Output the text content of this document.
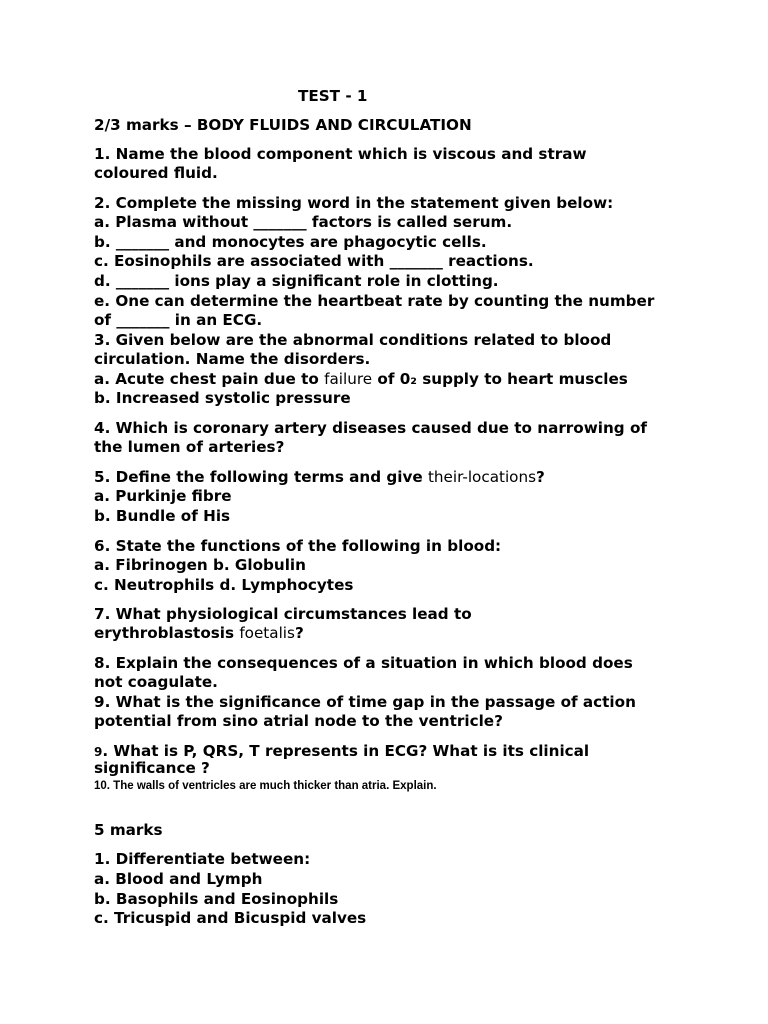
TEST - 1
2/3 marks – BODY FLUIDS AND CIRCULATION
1. Name the blood component which is viscous and straw
coloured fluid.
2. Complete the missing word in the statement given below:
a. Plasma without _______ factors is called serum.
b. _______ and monocytes are phagocytic cells.
c. Eosinophils are associated with _______ reactions.
d. _______ ions play a significant role in clotting.
e. One can determine the heartbeat rate by counting the number
of _______ in an ECG.
3. Given below are the abnormal conditions related to blood
circulation. Name the disorders.
a. Acute chest pain due to failure of 0₂ supply to heart muscles
b. Increased systolic pressure
4. Which is coronary artery diseases caused due to narrowing of
the lumen of arteries?
5. Define the following terms and give their-locations?
a. Purkinje fibre
b. Bundle of His
6. State the functions of the following in blood:
a. Fibrinogen b. Globulin
c. Neutrophils d. Lymphocytes
7. What physiological circumstances lead to
erythroblastosis foetalis?
8. Explain the consequences of a situation in which blood does
not coagulate.
9. What is the significance of time gap in the passage of action
potential from sino atrial node to the ventricle?
9. What is P, QRS, T represents in ECG? What is its clinical
significance ?
10. The walls of ventricles are much thicker than atria. Explain.
5 marks
1. Differentiate between:
a. Blood and Lymph
b. Basophils and Eosinophils
c. Tricuspid and Bicuspid valves
